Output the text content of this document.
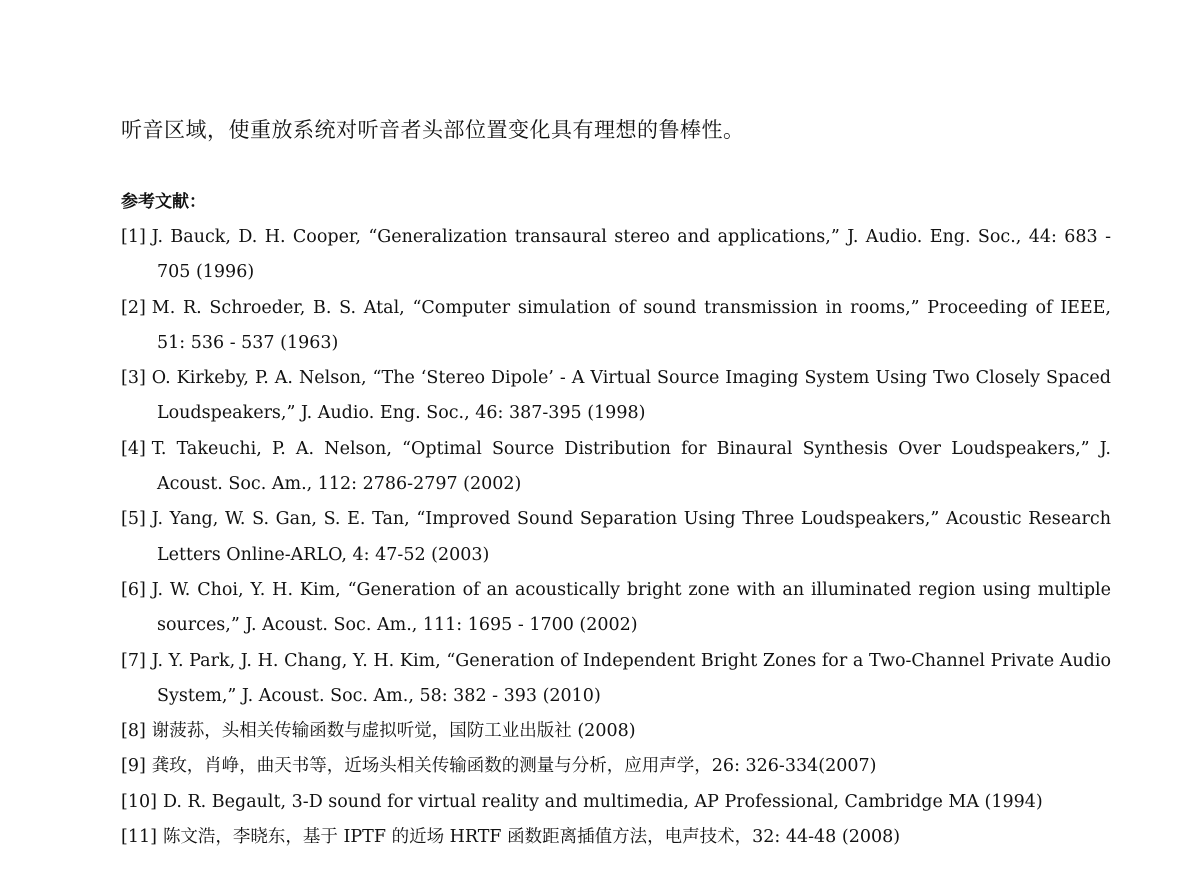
听音区域，使重放系统对听音者头部位置变化具有理想的鲁棒性。
参考文献：
[1] J. Bauck, D. H. Cooper, “Generalization transaural stereo and applications,” J. Audio. Eng. Soc., 44: 683 - 705 (1996)
[2] M. R. Schroeder, B. S. Atal, “Computer simulation of sound transmission in rooms,” Proceeding of IEEE, 51: 536 - 537 (1963)
[3] O. Kirkeby, P. A. Nelson, “The ‘Stereo Dipole’ - A Virtual Source Imaging System Using Two Closely Spaced Loudspeakers,” J. Audio. Eng. Soc., 46: 387-395 (1998)
[4] T. Takeuchi, P. A. Nelson, “Optimal Source Distribution for Binaural Synthesis Over Loudspeakers,” J. Acoust. Soc. Am., 112: 2786-2797 (2002)
[5] J. Yang, W. S. Gan, S. E. Tan, “Improved Sound Separation Using Three Loudspeakers,” Acoustic Research Letters Online-ARLO, 4: 47-52 (2003)
[6] J. W. Choi, Y. H. Kim, “Generation of an acoustically bright zone with an illuminated region using multiple sources,” J. Acoust. Soc. Am., 111: 1695 - 1700 (2002)
[7] J. Y. Park, J. H. Chang, Y. H. Kim, “Generation of Independent Bright Zones for a Two-Channel Private Audio System,” J. Acoust. Soc. Am., 58: 382 - 393 (2010)
[8] 谢菠荪，头相关传输函数与虚拟听觉，国防工业出版社 (2008)
[9] 龚玫，肖峥，曲天书等，近场头相关传输函数的测量与分析，应用声学，26: 326-334(2007)
[10] D. R. Begault, 3-D sound for virtual reality and multimedia, AP Professional, Cambridge MA (1994)
[11] 陈文浩，李晓东，基于 IPTF 的近场 HRTF 函数距离插值方法，电声技术，32: 44-48 (2008)
